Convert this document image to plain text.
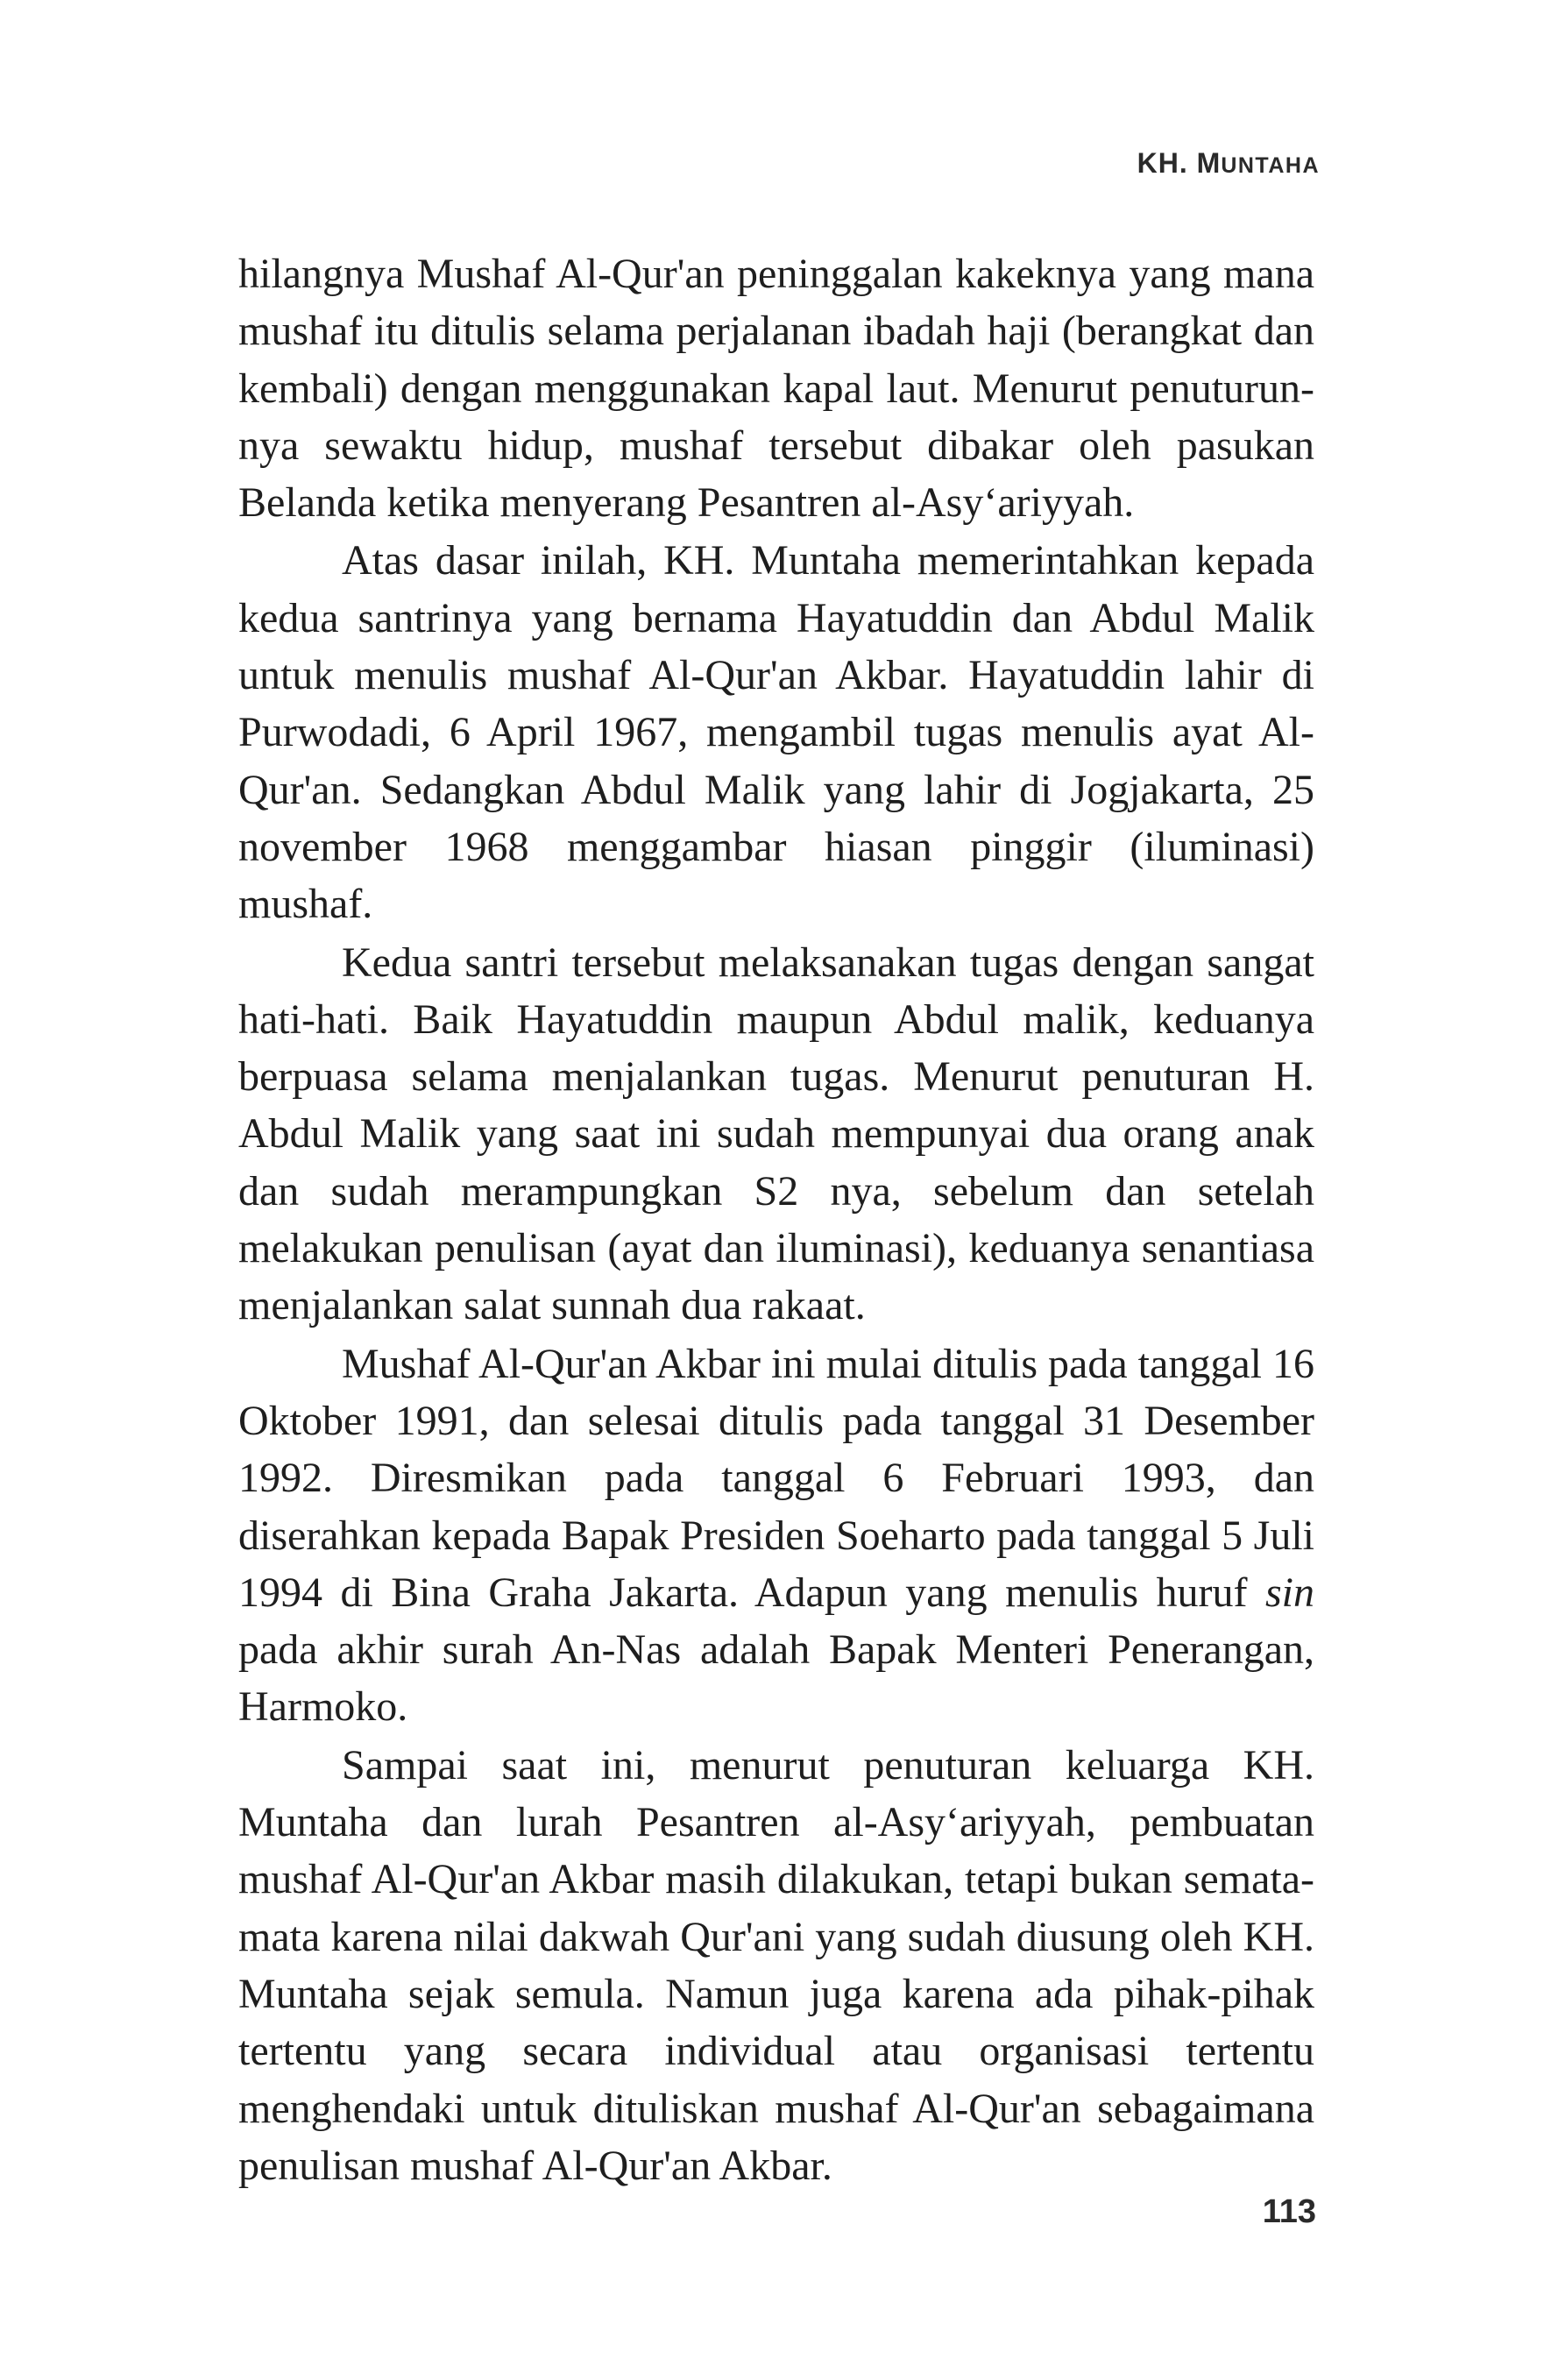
KH. MUNTAHA

hilangnya Mushaf Al-Qur'an peninggalan kakeknya yang mana mushaf itu ditulis selama perjalanan ibadah haji (berangkat dan kembali) dengan menggunakan kapal laut. Menurut penuturunnya sewaktu hidup, mushaf tersebut dibakar oleh pasukan Belanda ketika menyerang Pesantren al-Asy‘ariyyah.

Atas dasar inilah, KH. Muntaha memerintahkan kepada kedua santrinya yang bernama Hayatuddin dan Abdul Malik untuk menulis mushaf Al-Qur'an Akbar. Hayatuddin lahir di Purwodadi, 6 April 1967, mengambil tugas menulis ayat Al-Qur'an. Sedangkan Abdul Malik yang lahir di Jogjakarta, 25 november 1968 menggambar hiasan pinggir (iluminasi) mushaf.

Kedua santri tersebut melaksanakan tugas dengan sangat hati-hati. Baik Hayatuddin maupun Abdul malik, keduanya berpuasa selama menjalankan tugas. Menurut penuturan H. Abdul Malik yang saat ini sudah mempunyai dua orang anak dan sudah merampungkan S2 nya, sebelum dan setelah melakukan penulisan (ayat dan iluminasi), keduanya senantiasa menjalankan salat sunnah dua rakaat.

Mushaf Al-Qur'an Akbar ini mulai ditulis pada tanggal 16 Oktober 1991, dan selesai ditulis pada tanggal 31 Desember 1992. Diresmikan pada tanggal 6 Februari 1993, dan diserahkan kepada Bapak Presiden Soeharto pada tanggal 5 Juli 1994 di Bina Graha Jakarta. Adapun yang menulis huruf sin pada akhir surah An-Nas adalah Bapak Menteri Penerangan, Harmoko.

Sampai saat ini, menurut penuturan keluarga KH. Muntaha dan lurah Pesantren al-Asy‘ariyyah, pembuatan mushaf Al-Qur'an Akbar masih dilakukan, tetapi bukan semata-mata karena nilai dakwah Qur'ani yang sudah diusung oleh KH. Muntaha sejak semula. Namun juga karena ada pihak-pihak tertentu yang secara individual atau organisasi tertentu menghendaki untuk dituliskan mushaf Al-Qur'an sebagaimana penulisan mushaf Al-Qur'an Akbar.

113
